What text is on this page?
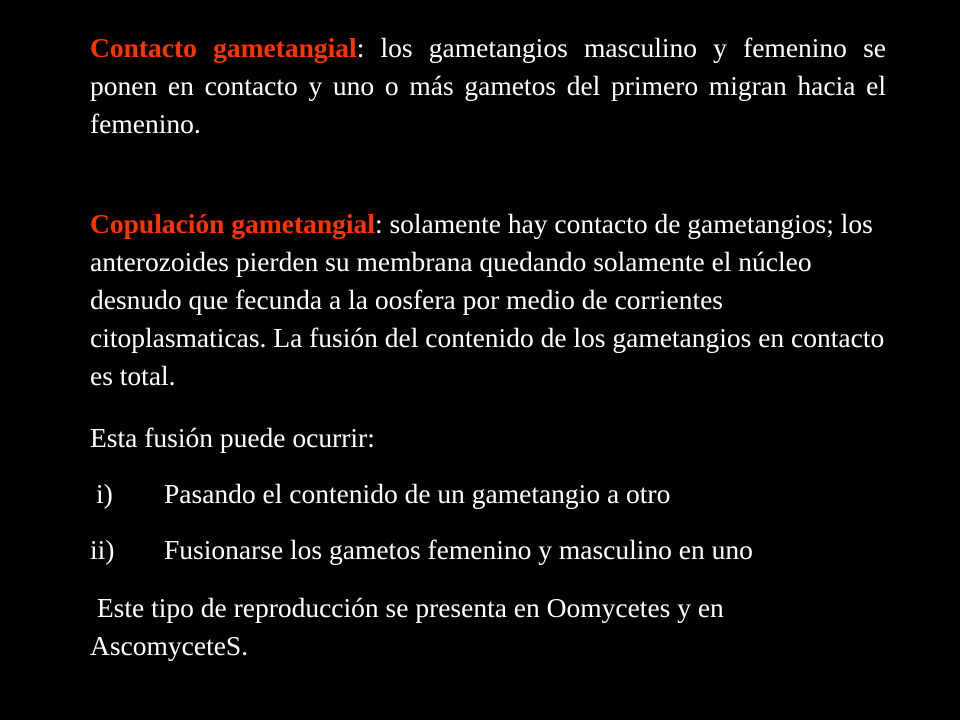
Contacto gametangial: los gametangios masculino y femenino se ponen en contacto y uno o más gametos del primero migran hacia el femenino.

Copulación gametangial: solamente hay contacto de gametangios; los anterozoides pierden su membrana quedando solamente el núcleo desnudo que fecunda a la oosfera por medio de corrientes citoplasmaticas. La fusión del contenido de los gametangios en contacto es total.

Esta fusión puede ocurrir:

i) Pasando el contenido de un gametangio a otro

ii) Fusionarse los gametos femenino y masculino en uno

Este tipo de reproducción se presenta en Oomycetes y en AscomyceteS.
